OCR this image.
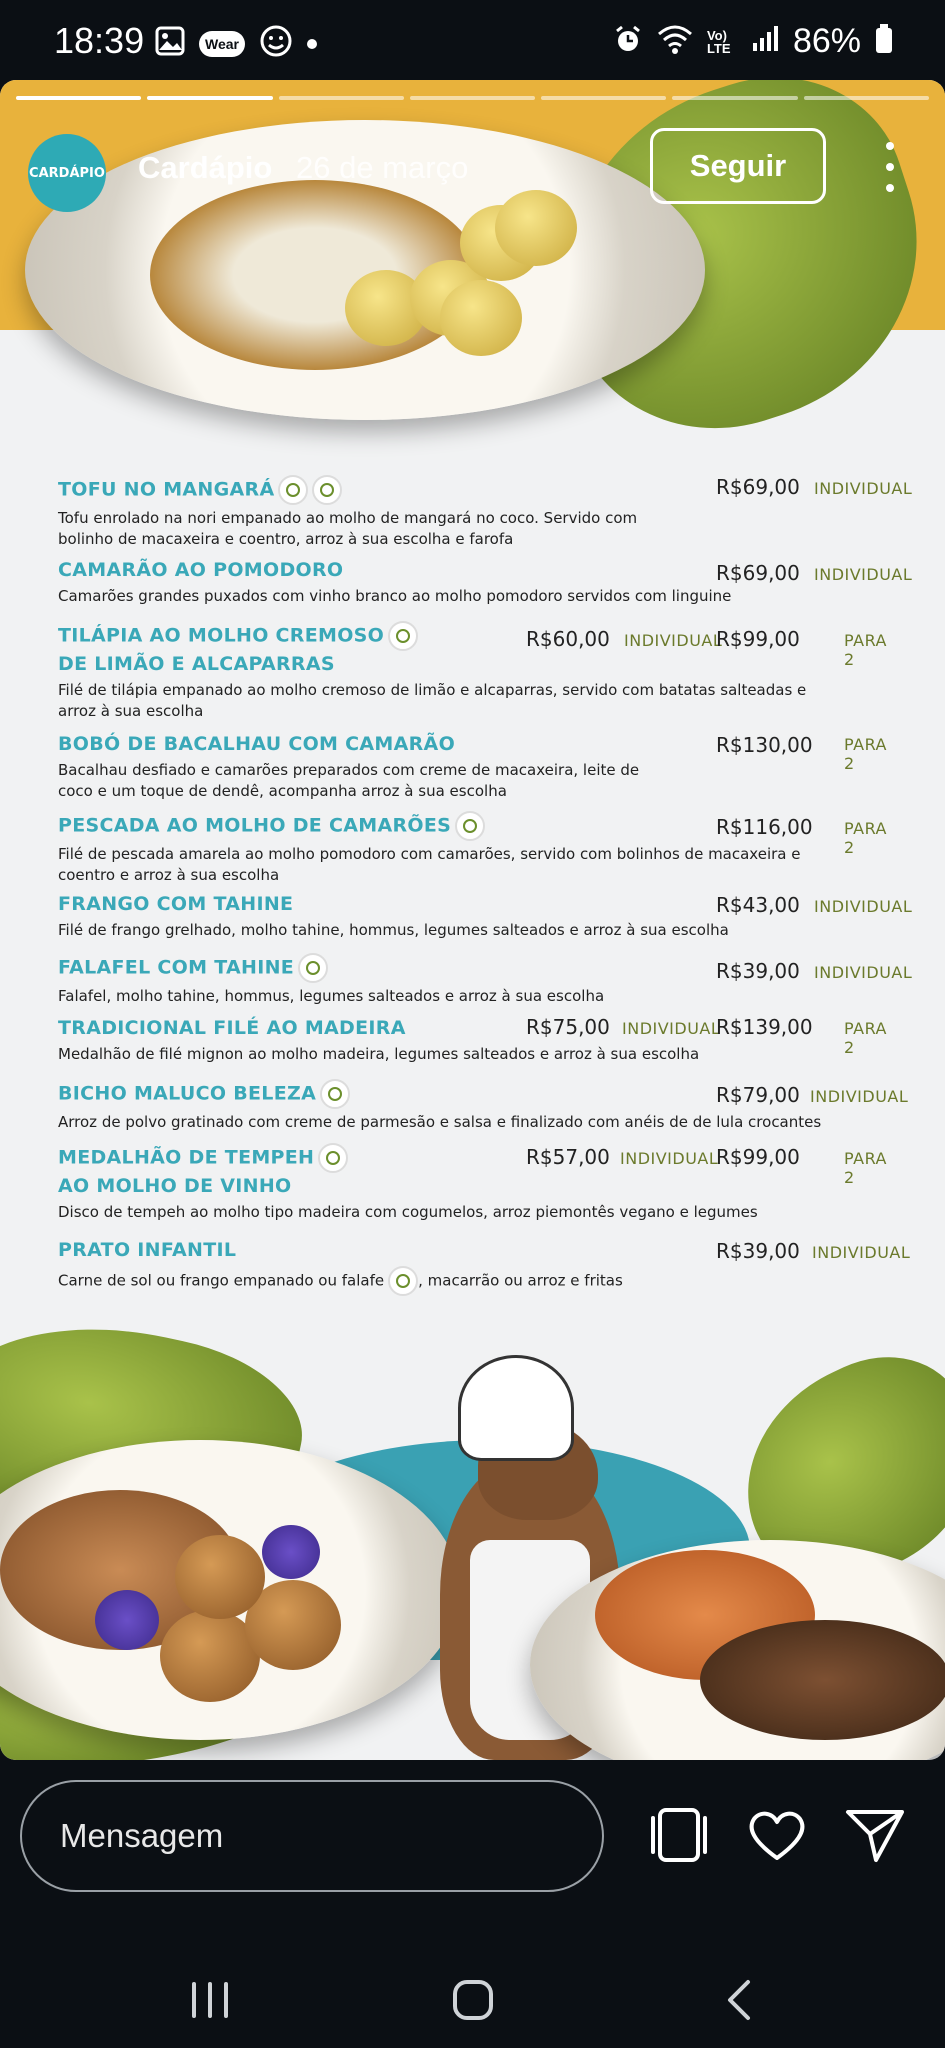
18:39	Wear
Vo) LTE 86%
CARDÁPIO Cardápio 26 de março	Seguir
TOFU NO MANGARÁ
Tofu enrolado na nori empanado ao molho de mangará no coco. Servido com bolinho de macaxeira e coentro, arroz à sua escolha e farofa
R$69,00 INDIVIDUAL
CAMARÃO AO POMODORO
Camarões grandes puxados com vinho branco ao molho pomodoro servidos com linguine
R$69,00 INDIVIDUAL
TILÁPIA AO MOLHO CREMOSO
DE LIMÃO E ALCAPARRAS
Filé de tilápia empanado ao molho cremoso de limão e alcaparras, servido com batatas salteadas e arroz à sua escolha
R$60,00 INDIVIDUAL
R$99,00	PARA 2
BOBÓ DE BACALHAU COM CAMARÃO
Bacalhau desfiado e camarões preparados com creme de macaxeira, leite de coco e um toque de dendê, acompanha arroz à sua escolha
R$130,00 PARA 2
PESCADA AO MOLHO DE CAMARÕES
Filé de pescada amarela ao molho pomodoro com camarões, servido com bolinhos de macaxeira e coentro e arroz à sua escolha
R$116,00 PARA 2
FRANGO COM TAHINE
Filé de frango grelhado, molho tahine, hommus, legumes salteados e arroz à sua escolha
R$43,00 INDIVIDUAL
FALAFEL COM TAHINE
Falafel, molho tahine, hommus, legumes salteados e arroz à sua escolha
R$39,00 INDIVIDUAL
TRADICIONAL FILÉ AO MADEIRA
Medalhão de filé mignon ao molho madeira, legumes salteados e arroz à sua escolha
R$75,00 INDIVIDUAL
R$139,00 PARA 2
BICHO MALUCO BELEZA
Arroz de polvo gratinado com creme de parmesão e salsa e finalizado com anéis de de lula crocantes
R$79,00 INDIVIDUAL
MEDALHÃO DE TEMPEH
AO MOLHO DE VINHO
Disco de tempeh ao molho tipo madeira com cogumelos, arroz piemontês vegano e legumes
R$57,00 INDIVIDUAL
R$99,00	PARA 2
PRATO INFANTIL
Carne de sol ou frango empanado ou falafe , macarrão ou arroz e fritas
R$39,00 INDIVIDUAL
Mensagem
